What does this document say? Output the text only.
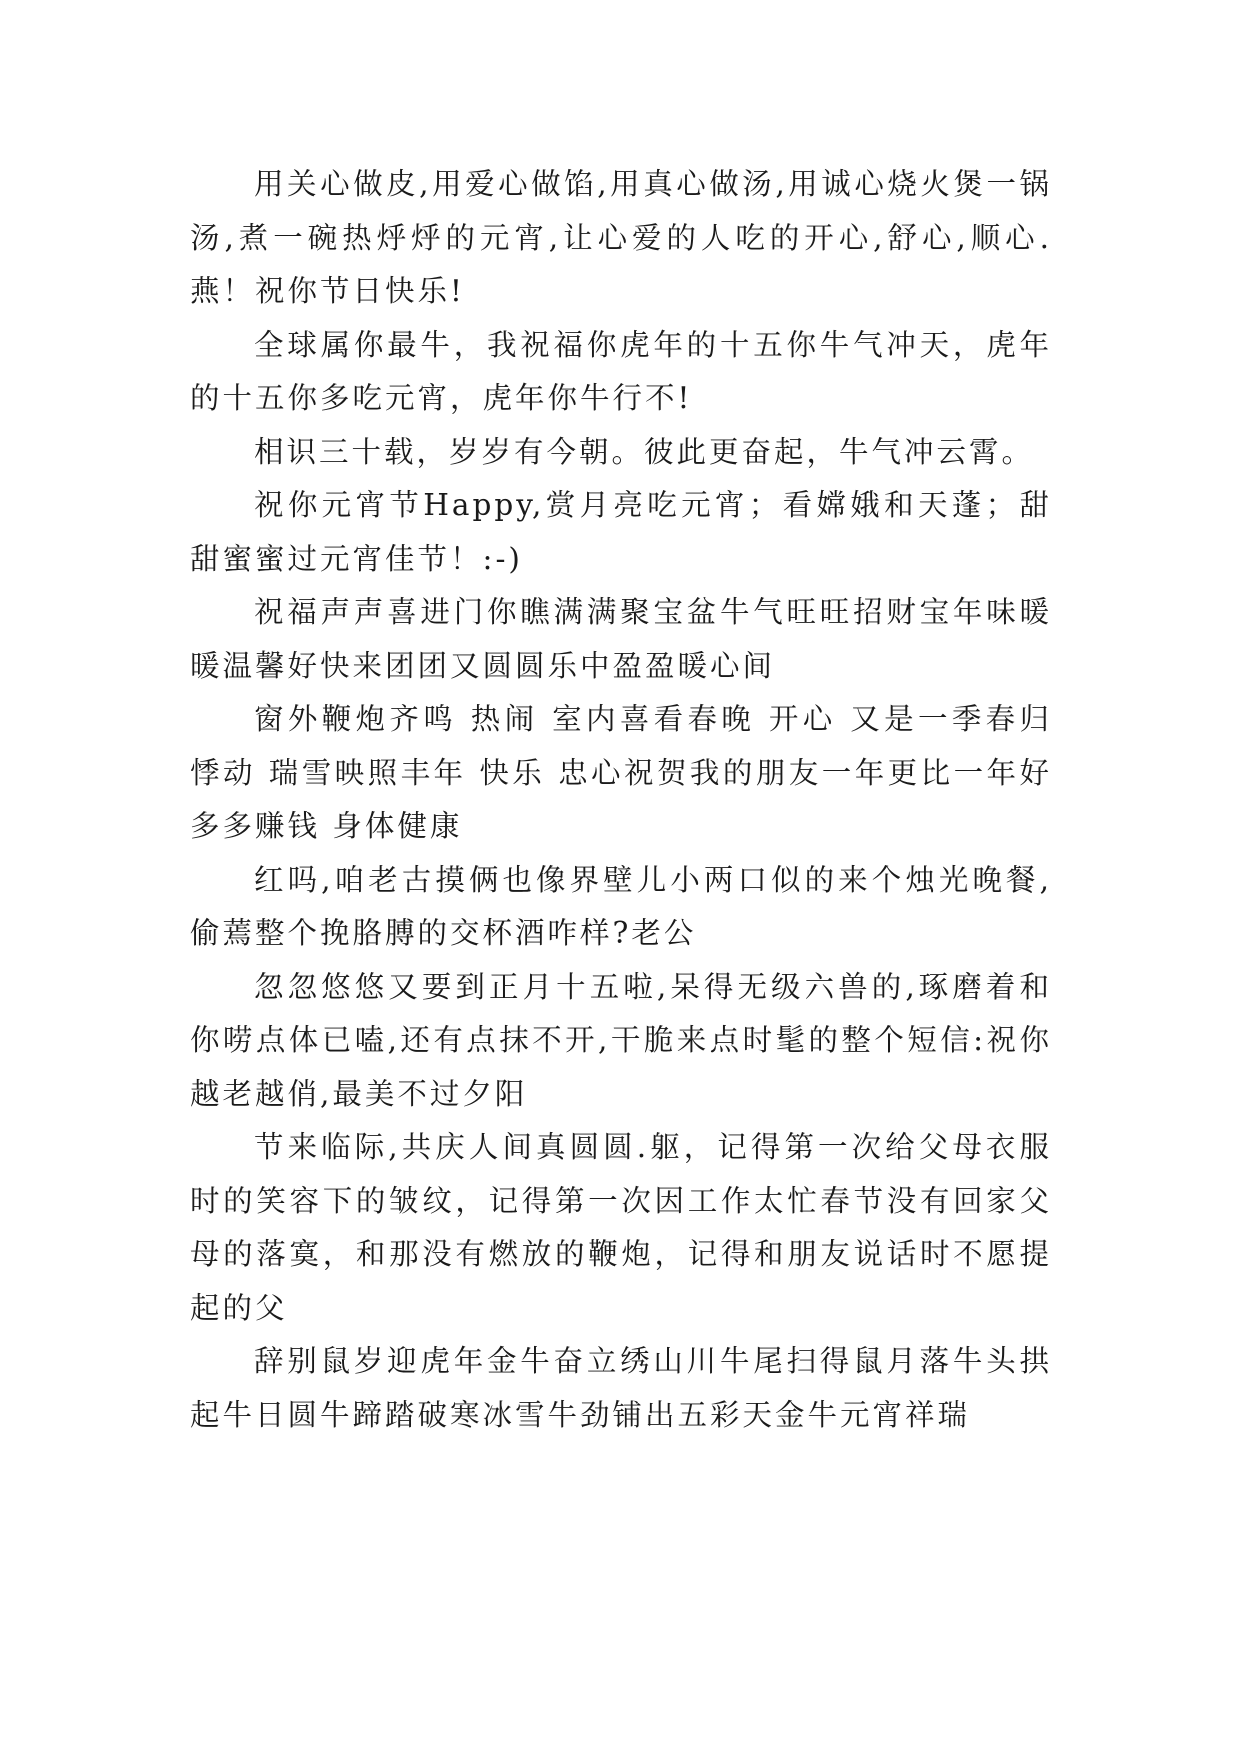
用关心做皮,用爱心做馅,用真心做汤,用诚心烧火煲一锅汤,煮一碗热烀烀的元宵,让心爱的人吃的开心,舒心,顺心.燕！祝你节日快乐!

全球属你最牛，我祝福你虎年的十五你牛气冲天，虎年的十五你多吃元宵，虎年你牛行不!

相识三十载，岁岁有今朝。彼此更奋起，牛气冲云霄。

祝你元宵节Happy,赏月亮吃元宵；看嫦娥和天蓬；甜甜蜜蜜过元宵佳节！:-)

祝福声声喜进门你瞧满满聚宝盆牛气旺旺招财宝年味暖暖温馨好快来团团又圆圆乐中盈盈暖心间

窗外鞭炮齐鸣 热闹 室内喜看春晚 开心 又是一季春归 悸动 瑞雪映照丰年 快乐 忠心祝贺我的朋友一年更比一年好 多多赚钱 身体健康

红吗,咱老古摸俩也像界壁儿小两口似的来个烛光晚餐,偷蔫整个挽胳膊的交杯酒咋样?老公

忽忽悠悠又要到正月十五啦,呆得无级六兽的,琢磨着和你唠点体已嗑,还有点抹不开,干脆来点时髦的整个短信:祝你越老越俏,最美不过夕阳

节来临际,共庆人间真圆圆.躯，记得第一次给父母衣服时的笑容下的皱纹，记得第一次因工作太忙春节没有回家父母的落寞，和那没有燃放的鞭炮，记得和朋友说话时不愿提起的父

辞别鼠岁迎虎年金牛奋立绣山川牛尾扫得鼠月落牛头拱起牛日圆牛蹄踏破寒冰雪牛劲铺出五彩天金牛元宵祥瑞
